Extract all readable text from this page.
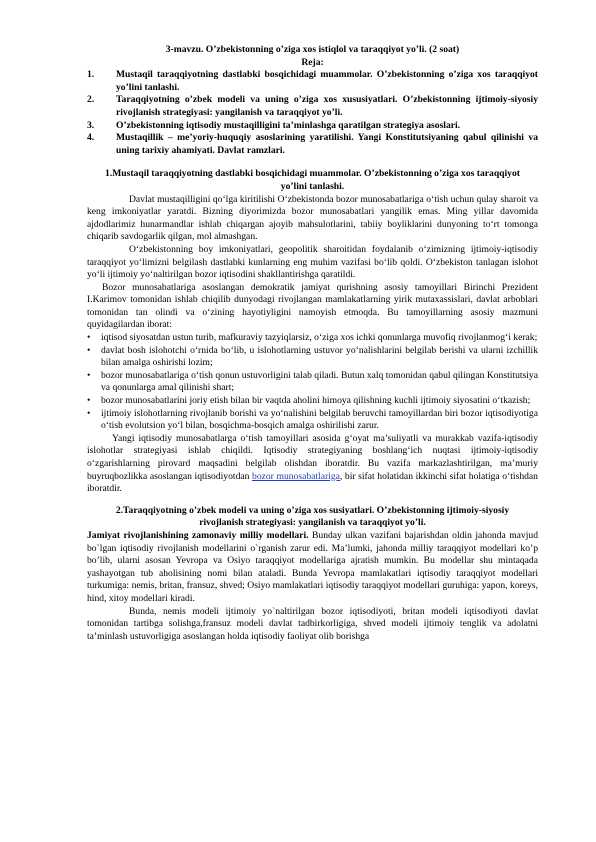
3-mavzu. O’zbekistonning o’ziga xos istiqlol va taraqqiyot yo’li. (2 soat)

Reja:

1.	Mustaqil taraqqiyotning dastlabki bosqichidagi muammolar. O’zbekistonning o’ziga xos taraqqiyot yo’lini tanlashi.
2.	Taraqqiyotning o’zbek modeli va uning o’ziga xos xususiyatlari. O’zbekistonning ijtimoiy-siyosiy rivojlanish strategiyasi: yangilanish va taraqqiyot yo’li.
3.	O’zbekistonning iqtisodiy mustaqilligini ta’minlashga qaratilgan strategiya asoslari.
4.	Mustaqillik – me’yoriy-huquqiy asoslarining yaratilishi. Yangi Konstitutsiyaning qabul qilinishi va uning tarixiy ahamiyati. Davlat ramzlari.

1.Mustaqil taraqqiyotning dastlabki bosqichidagi muammolar. O’zbekistonning o’ziga xos taraqqiyot yo’lini tanlashi.

Davlat mustaqilligini qo‘lga kiritilishi O‘zbekistonda bozor munosabatlariga o‘tish uchun qulay sharoit va keng imkoniyatlar yaratdi. Bizning diyorimizda bozor munosabatlari yangilik emas. Ming yillar davomida ajdodlarimiz hunarmandlar ishlab chiqargan ajoyib mahsulotlarini, tabiiy boyliklarini dunyoning to‘rt tomonga chiqarib savdogarlik qilgan, mol almashgan.

O‘zbekistonning boy imkoniyatlari, geopolitik sharoitidan foydalanib o‘zimizning ijtimoiy-iqtisodiy taraqqiyot yo‘limizni belgilash dastlabki kunlarning eng muhim vazifasi bo‘lib qoldi. O‘zbekiston tanlagan islohot yo‘li ijtimoiy yo‘naltirilgan bozor iqtisodini shakllantirishga qaratildi.

Bozor munosabatlariga asoslangan demokratik jamiyat qurishning asosiy tamoyillari Birinchi Prezident I.Karimov tomonidan ishlab chiqilib dunyodagi rivojlangan mamlakatlarning yirik mutaxassislari, davlat arboblari tomonidan tan olindi va o‘zining hayotiyligini namoyish etmoqda. Bu tamoyillarning asosiy mazmuni quyidagilardan iborat:

• iqtisod siyosatdan ustun turib, mafkuraviy tazyiqlarsiz, o‘ziga xos ichki qonunlarga muvofiq rivojlanmog‘i kerak;
• davlat bosh islohotchi o‘rnida bo‘lib, u islohotlarning ustuvor yo‘nalishlarini belgilab berishi va ularni izchillik bilan amalga oshirishi lozim;
• bozor munosabatlariga o‘tish qonun ustuvorligini talab qiladi. Butun xalq tomonidan qabul qilingan Konstitutsiya va qonunlarga amal qilinishi shart;
• bozor munosabatlarini joriy etish bilan bir vaqtda aholini himoya qilishning kuchli ijtimoiy siyosatini o‘tkazish;
• ijtimoiy islohotlarning rivojlanib borishi va yo‘nalishini belgilab beruvchi tamoyillardan biri bozor iqtisodiyotiga o‘tish evolutsion yo‘l bilan, bosqichma-bosqich amalga oshirilishi zarur.

Yangi iqtisodiy munosabatlarga o‘tish tamoyillari asosida g‘oyat ma’suliyatli va murakkab vazifa-iqtisodiy islohotlar strategiyasi ishlab chiqildi. Iqtisodiy strategiyaning boshlang‘ich nuqtasi ijtimoiy-iqtisodiy o‘zgarishlarning pirovard maqsadini belgilab olishdan iboratdir. Bu vazifa markazlashtirilgan, ma’muriy buyruqbozlikka asoslangan iqtisodiyotdan bozor munosabatlariga, bir sifat holatidan ikkinchi sifat holatiga o‘tishdan iboratdir.

2.Taraqqiyotning o’zbek modeli va uning o’ziga xos susiyatlari. O’zbekistonning ijtimoiy-siyosiy rivojlanish strategiyasi: yangilanish va taraqqiyot yo’li.

Jamiyat rivojlanishining zamonaviy milliy modellari. Bunday ulkan vazifani bajarishdan oldin jahonda mavjud bo`lgan iqtisodiy rivojlanish modellarini o`rganish zarur edi. Ma’lumki, jahonda milliy taraqqiyot modellari ko’p bo’lib, ularni asosan Yevropa va Osiyo taraqqiyot modellariga ajratish mumkin. Bu modellar shu mintaqada yashayotgan tub aholisining nomi bilan ataladi. Bunda Yevropa mamlakatlari iqtisodiy taraqqiyot modellari turkumiga: nemis, britan, fransuz, shved; Osiyo mamlakatlari iqtisodiy taraqqiyot modellari guruhiga: yapon, koreys, hind, xitoy modellari kiradi.

Bunda, nemis modeli ijtimoiy yo`naltirilgan bozor iqtisodiyoti, britan modeli iqtisodiyoti davlat tomonidan tartibga solishga,fransuz modeli davlat tadbirkorligiga, shved modeli ijtimoiy tenglik va adolatni ta’minlash ustuvorligiga asoslangan holda iqtisodiy faoliyat olib borishga
